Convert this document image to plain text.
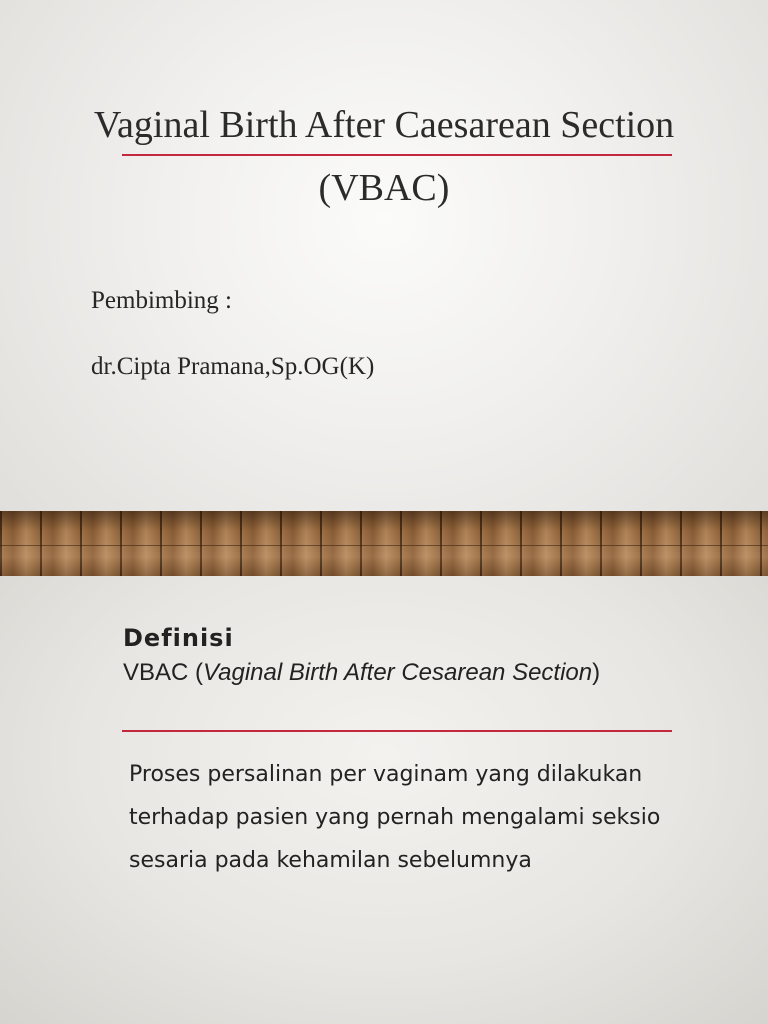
Vaginal Birth After Caesarean Section
(VBAC)

Pembimbing :

dr.Cipta Pramana,Sp.OG(K)

Definisi

VBAC (Vaginal Birth After Cesarean Section)

Proses persalinan per vaginam yang dilakukan terhadap pasien yang pernah mengalami seksio sesaria pada kehamilan sebelumnya
